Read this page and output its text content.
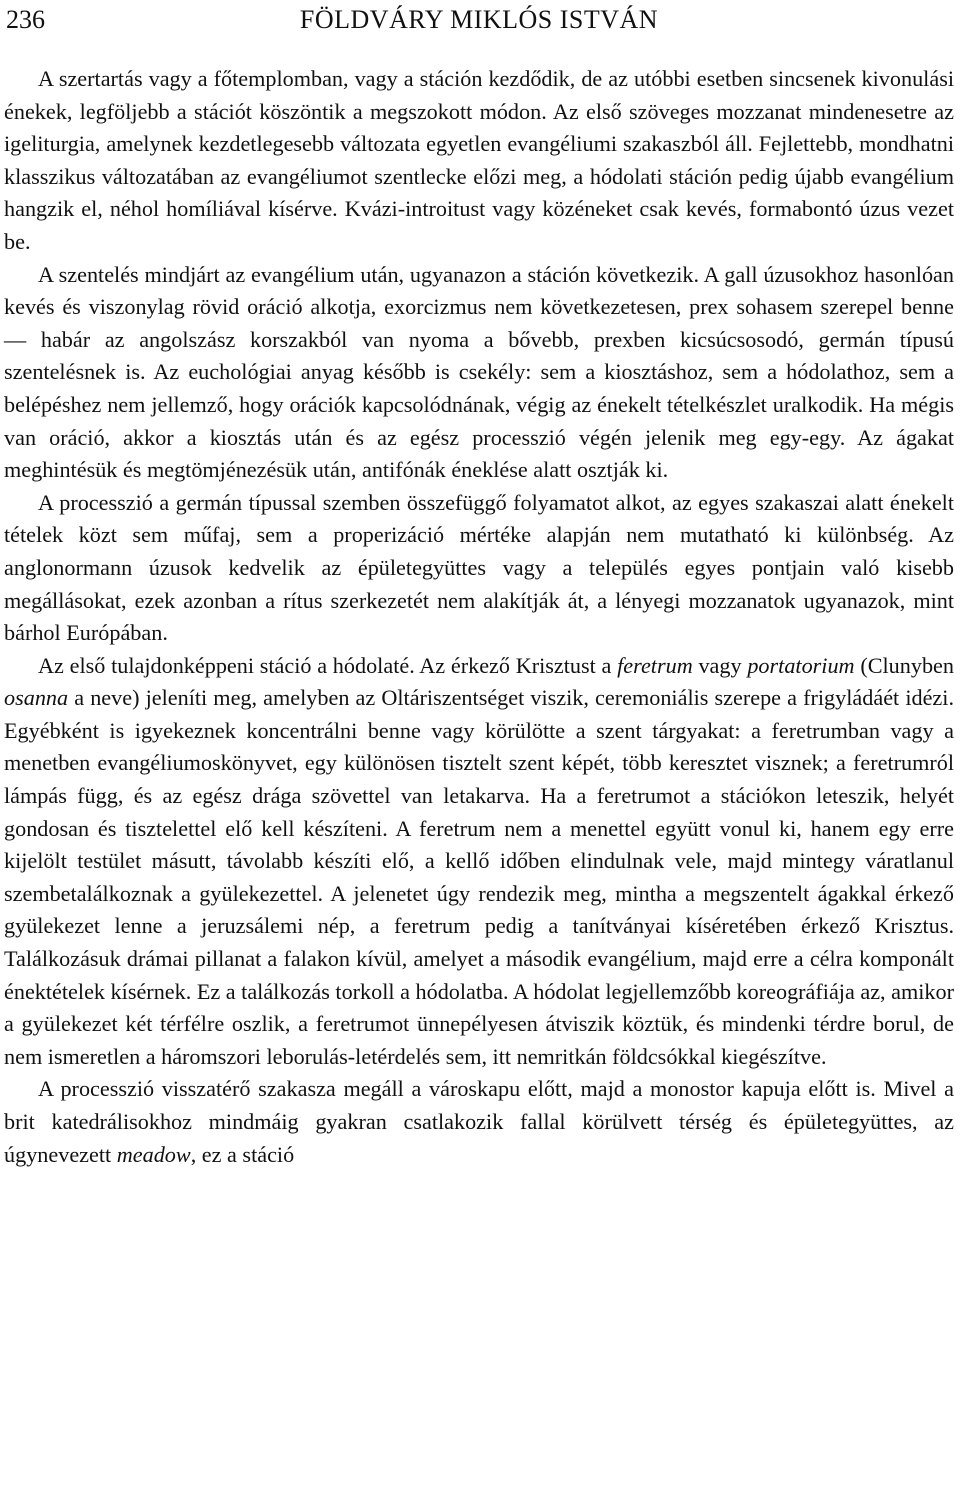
236	FÖLDVÁRY MIKLÓS ISTVÁN

A szertartás vagy a főtemplomban, vagy a stáción kezdődik, de az utóbbi esetben sincsenek kivonulási énekek, legföljebb a stációt köszöntik a megszokott módon. Az első szöveges mozzanat mindenesetre az igeliturgia, amelynek kezdetlegesebb változata egyetlen evangéliumi szakaszból áll. Fejlettebb, mondhatni klasszikus változatában az evangéliumot szentlecke előzi meg, a hódolati stáción pedig újabb evangélium hangzik el, néhol homíliával kísérve. Kvázi-introitust vagy közéneket csak kevés, formabontó úzus vezet be.

A szentelés mindjárt az evangélium után, ugyanazon a stáción következik. A gall úzusokhoz hasonlóan kevés és viszonylag rövid oráció alkotja, exorcizmus nem következetesen, prex sohasem szerepel benne — habár az angolszász korszakból van nyoma a bővebb, prexben kicsúcsosodó, germán típusú szentelésnek is. Az euchológiai anyag később is csekély: sem a kiosztáshoz, sem a hódolathoz, sem a belépéshez nem jellemző, hogy orációk kapcsolódnának, végig az énekelt tételkészlet uralkodik. Ha mégis van oráció, akkor a kiosztás után és az egész processzió végén jelenik meg egy-egy. Az ágakat meghintésük és megtömjénezésük után, antifónák éneklése alatt osztják ki.

A processzió a germán típussal szemben összefüggő folyamatot alkot, az egyes szakaszai alatt énekelt tételek közt sem műfaj, sem a properizáció mértéke alapján nem mutatható ki különbség. Az anglonormann úzusok kedvelik az épületegyüttes vagy a település egyes pontjain való kisebb megállásokat, ezek azonban a rítus szerkezetét nem alakítják át, a lényegi mozzanatok ugyanazok, mint bárhol Európában.

Az első tulajdonképpeni stáció a hódolaté. Az érkező Krisztust a feretrum vagy portatorium (Clunyben osanna a neve) jeleníti meg, amelyben az Oltáriszentséget viszik, ceremoniális szerepe a frigyládáét idézi. Egyébként is igyekeznek koncentrálni benne vagy körülötte a szent tárgyakat: a feretrumban vagy a menetben evangéliumoskönyvet, egy különösen tisztelt szent képét, több keresztet visznek; a feretrumról lámpás függ, és az egész drága szövettel van letakarva. Ha a feretrumot a stációkon leteszik, helyét gondosan és tisztelettel elő kell készíteni. A feretrum nem a menettel együtt vonul ki, hanem egy erre kijelölt testület másutt, távolabb készíti elő, a kellő időben elindulnak vele, majd mintegy váratlanul szembetalálkoznak a gyülekezettel. A jelenetet úgy rendezik meg, mintha a megszentelt ágakkal érkező gyülekezet lenne a jeruzsálemi nép, a feretrum pedig a tanítványai kíséretében érkező Krisztus. Találkozásuk drámai pillanat a falakon kívül, amelyet a második evangélium, majd erre a célra komponált énektételek kísérnek. Ez a találkozás torkoll a hódolatba. A hódolat legjellemzőbb koreográfiája az, amikor a gyülekezet két térfélre oszlik, a feretrumot ünnepélyesen átviszik köztük, és mindenki térdre borul, de nem ismeretlen a háromszori leborulás-letérdelés sem, itt nemritkán földcsókkal kiegészítve.

A processzió visszatérő szakasza megáll a városkapu előtt, majd a monostor kapuja előtt is. Mivel a brit katedrálisokhoz mindmáig gyakran csatlakozik fallal körülvett térség és épületegyüttes, az úgynevezett meadow, ez a stáció
